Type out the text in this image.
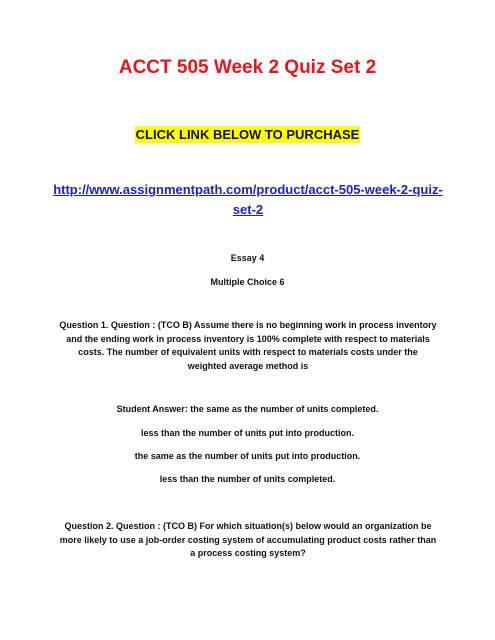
ACCT 505 Week 2 Quiz Set 2
CLICK LINK BELOW TO PURCHASE
http://www.assignmentpath.com/product/acct-505-week-2-quiz-set-2
Essay 4
Multiple Choice 6
Question 1. Question : (TCO B) Assume there is no beginning work in process inventory and the ending work in process inventory is 100% complete with respect to materials costs. The number of equivalent units with respect to materials costs under the weighted average method is
Student Answer: the same as the number of units completed.
less than the number of units put into production.
the same as the number of units put into production.
less than the number of units completed.
Question 2. Question : (TCO B) For which situation(s) below would an organization be more likely to use a job-order costing system of accumulating product costs rather than a process costing system?
